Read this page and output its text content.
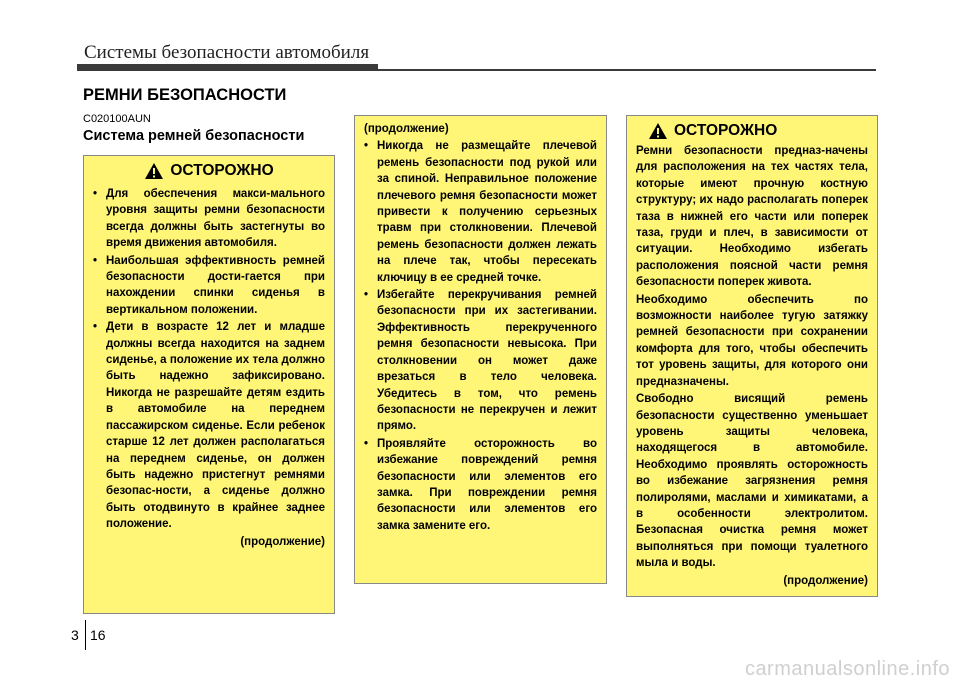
Системы безопасности автомобиля
РЕМНИ БЕЗОПАСНОСТИ
C020100AUN
Система ремней безопасности
ОСТОРОЖНО
• Для обеспечения макси-мального уровня защиты ремни безопасности всегда должны быть застегнуты во время движения автомобиля.
• Наибольшая эффективность ремней безопасности дости-гается при нахождении спинки сиденья в вертикальном положении.
• Дети в возрасте 12 лет и младше должны всегда находится на заднем сиденье, а положение их тела должно быть надежно зафиксировано. Никогда не разрешайте детям ездить в автомобиле на переднем пассажирском сиденье. Если ребенок старше 12 лет должен располагаться на переднем сиденье, он должен быть надежно пристегнут ремнями безопас-ности, а сиденье должно быть отодвинуто в крайнее заднее положение.
(продолжение)
(продолжение)
• Никогда не размещайте плечевой ремень безопасности под рукой или за спиной. Неправильное положение плечевого ремня безопасности может привести к получению серьезных травм при столкновении. Плечевой ремень безопасности должен лежать на плече так, чтобы пересекать ключицу в ее средней точке.
• Избегайте перекручивания ремней безопасности при их застегивании. Эффективность перекрученного ремня безопасности невысока. При столкновении он может даже врезаться в тело человека. Убедитесь в том, что ремень безопасности не перекручен и лежит прямо.
• Проявляйте осторожность во избежание повреждений ремня безопасности или элементов его замка. При повреждении ремня безопасности или элементов его замка замените его.
ОСТОРОЖНО

Ремни безопасности предназ-начены для расположения на тех частях тела, которые имеют прочную костную структуру; их надо располагать поперек таза в нижней его части или поперек таза, груди и плеч, в зависимости от ситуации. Необходимо избегать расположения поясной части ремня безопасности поперек живота.

Необходимо обеспечить по возможности наиболее тугую затяжку ремней безопасности при сохранении комфорта для того, чтобы обеспечить тот уровень защиты, для которого они предназначены.

Свободно висящий ремень безопасности существенно уменьшает уровень защиты человека, находящегося в автомобиле. Необходимо проявлять осторожность во избежание загрязнения ремня полиролями, маслами и химикатами, а в особенности электролитом. Безопасная очистка ремня может выполняться при помощи туалетного мыла и воды.

(продолжение)
3 16
carmanualsonline.info
